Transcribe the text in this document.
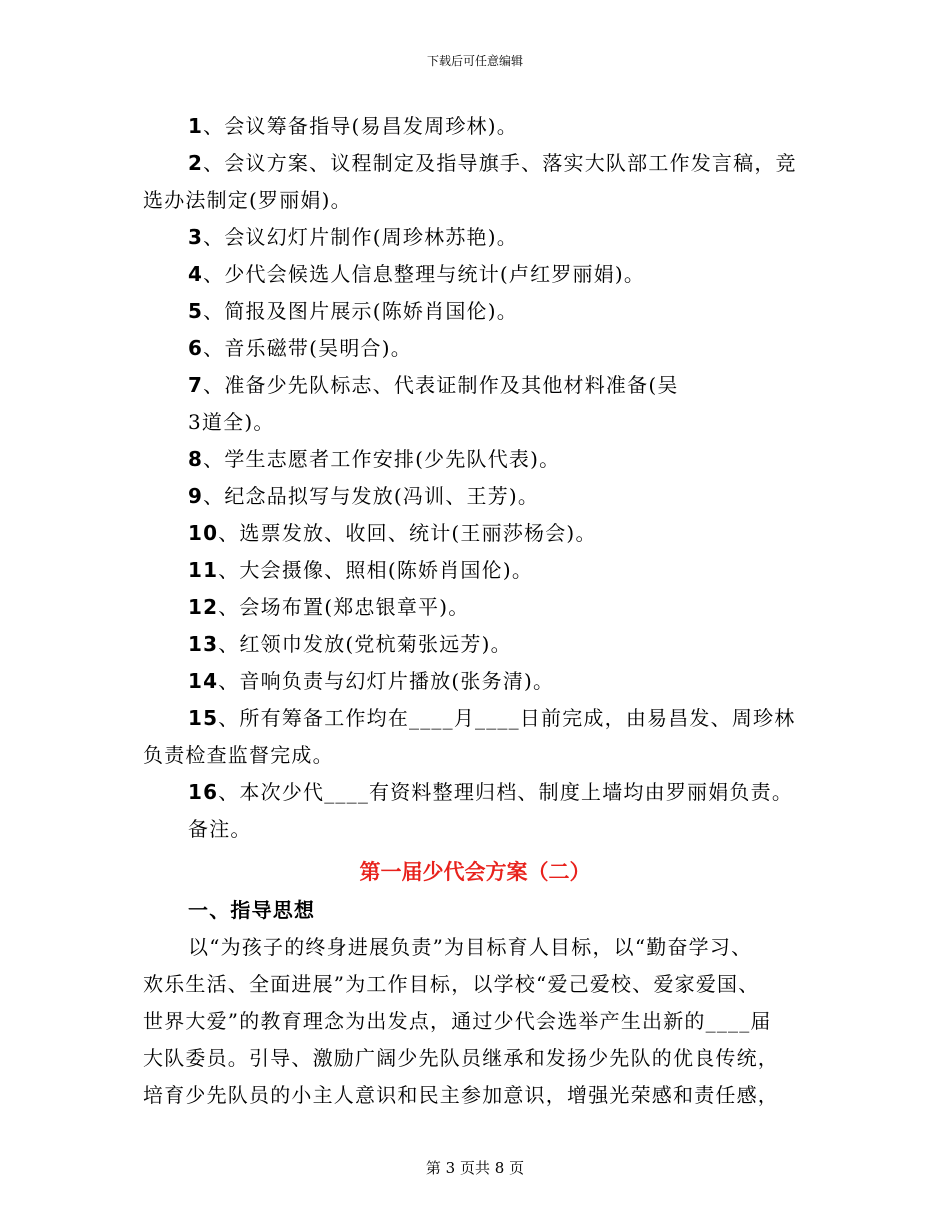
下载后可任意编辑
1、会议筹备指导(易昌发周珍林)。
2、会议方案、议程制定及指导旗手、落实大队部工作发言稿，竞
选办法制定(罗丽娟)。
3、会议幻灯片制作(周珍林苏艳)。
4、少代会候选人信息整理与统计(卢红罗丽娟)。
5、简报及图片展示(陈娇肖国伦)。
6、音乐磁带(吴明合)。
7、准备少先队标志、代表证制作及其他材料准备(吴
3道全)。
8、学生志愿者工作安排(少先队代表)。
9、纪念品拟写与发放(冯训、王芳)。
10、选票发放、收回、统计(王丽莎杨会)。
11、大会摄像、照相(陈娇肖国伦)。
12、会场布置(郑忠银章平)。
13、红领巾发放(党杭菊张远芳)。
14、音响负责与幻灯片播放(张务清)。
15、所有筹备工作均在____月____日前完成，由易昌发、周珍林
负责检查监督完成。
16、本次少代____有资料整理归档、制度上墙均由罗丽娟负责。
备注。
第一届少代会方案（二）
一、指导思想
以“为孩子的终身进展负责”为目标育人目标，以“勤奋学习、
欢乐生活、全面进展”为工作目标，以学校“爱己爱校、爱家爱国、
世界大爱”的教育理念为出发点，通过少代会选举产生出新的____届
大队委员。引导、激励广阔少先队员继承和发扬少先队的优良传统，
培育少先队员的小主人意识和民主参加意识，增强光荣感和责任感，
第 3 页共 8 页
